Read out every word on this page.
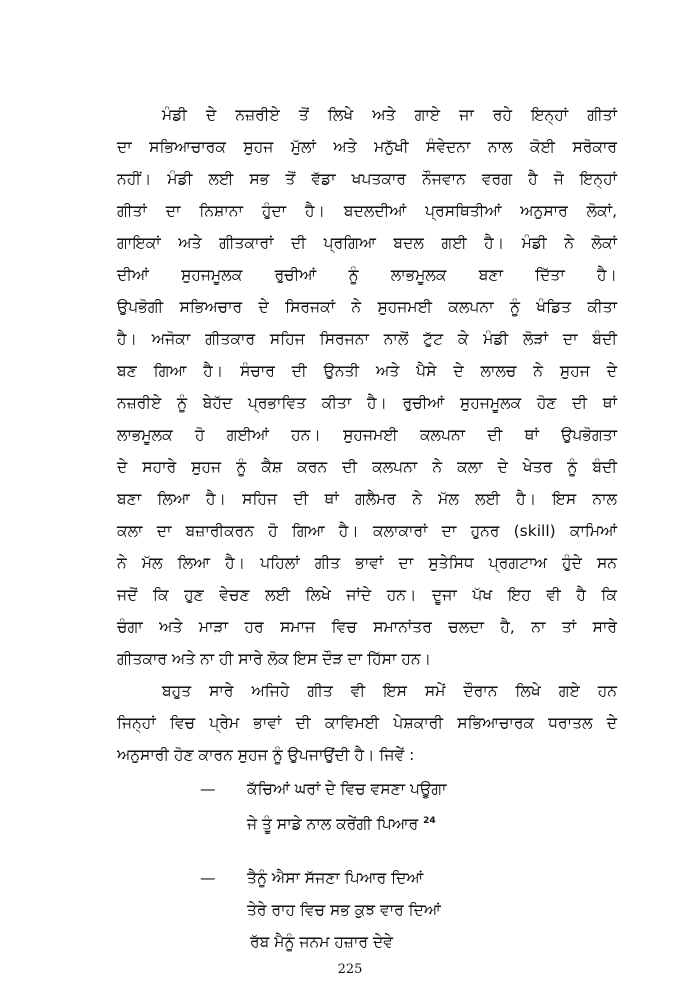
ਮੰਡੀ ਦੇ ਨਜ਼ਰੀਏ ਤੋਂ ਲਿਖੇ ਅਤੇ ਗਾਏ ਜਾ ਰਹੇ ਇਨ੍ਹਾਂ ਗੀਤਾਂ
ਦਾ ਸਭਿਆਚਾਰਕ ਸੁਹਜ ਮੁੱਲਾਂ ਅਤੇ ਮਨੁੱਖੀ ਸੰਵੇਦਨਾ ਨਾਲ ਕੋਈ ਸਰੋਕਾਰ
ਨਹੀਂ। ਮੰਡੀ ਲਈ ਸਭ ਤੋਂ ਵੱਡਾ ਖਪਤਕਾਰ ਨੌਜਵਾਨ ਵਰਗ ਹੈ ਜੋ ਇਨ੍ਹਾਂ
ਗੀਤਾਂ ਦਾ ਨਿਸ਼ਾਨਾ ਹੁੰਦਾ ਹੈ। ਬਦਲਦੀਆਂ ਪ੍ਰਸਥਿਤੀਆਂ ਅਨੁਸਾਰ ਲੋਕਾਂ,
ਗਾਇਕਾਂ ਅਤੇ ਗੀਤਕਾਰਾਂ ਦੀ ਪ੍ਰਗਿਆ ਬਦਲ ਗਈ ਹੈ। ਮੰਡੀ ਨੇ ਲੋਕਾਂ
ਦੀਆਂ ਸੁਹਜਮੂਲਕ ਰੁਚੀਆਂ ਨੂੰ ਲਾਭਮੂਲਕ ਬਣਾ ਦਿੱਤਾ ਹੈ।
ਉਪਭੋਗੀ ਸਭਿਅਚਾਰ ਦੇ ਸਿਰਜਕਾਂ ਨੇ ਸੁਹਜਮਈ ਕਲਪਨਾ ਨੂੰ ਖੰਡਿਤ ਕੀਤਾ
ਹੈ। ਅਜੋਕਾ ਗੀਤਕਾਰ ਸਹਿਜ ਸਿਰਜਨਾ ਨਾਲੋਂ ਟੁੱਟ ਕੇ ਮੰਡੀ ਲੋੜਾਂ ਦਾ ਬੰਦੀ
ਬਣ ਗਿਆ ਹੈ। ਸੰਚਾਰ ਦੀ ਉਨਤੀ ਅਤੇ ਪੈਸੇ ਦੇ ਲਾਲਚ ਨੇ ਸੁਹਜ ਦੇ
ਨਜ਼ਰੀਏ ਨੂੰ ਬੇਹੱਦ ਪ੍ਰਭਾਵਿਤ ਕੀਤਾ ਹੈ। ਰੁਚੀਆਂ ਸੁਹਜਮੂਲਕ ਹੋਣ ਦੀ ਥਾਂ
ਲਾਭਮੂਲਕ ਹੋ ਗਈਆਂ ਹਨ। ਸੁਹਜਮਈ ਕਲਪਨਾ ਦੀ ਥਾਂ ਉਪਭੋਗਤਾ
ਦੇ ਸਹਾਰੇ ਸੁਹਜ ਨੂੰ ਕੈਸ਼ ਕਰਨ ਦੀ ਕਲਪਨਾ ਨੇ ਕਲਾ ਦੇ ਖੇਤਰ ਨੂੰ ਬੰਦੀ
ਬਣਾ ਲਿਆ ਹੈ। ਸਹਿਜ ਦੀ ਥਾਂ ਗਲੈਮਰ ਨੇ ਮੱਲ ਲਈ ਹੈ। ਇਸ ਨਾਲ
ਕਲਾ ਦਾ ਬਜ਼ਾਰੀਕਰਨ ਹੋ ਗਿਆ ਹੈ। ਕਲਾਕਾਰਾਂ ਦਾ ਹੁਨਰ (skill) ਕਾਮਿਆਂ
ਨੇ ਮੱਲ ਲਿਆ ਹੈ। ਪਹਿਲਾਂ ਗੀਤ ਭਾਵਾਂ ਦਾ ਸੁਤੇਸਿਧ ਪ੍ਰਗਟਾਅ ਹੁੰਦੇ ਸਨ
ਜਦੋਂ ਕਿ ਹੁਣ ਵੇਚਣ ਲਈ ਲਿਖੇ ਜਾਂਦੇ ਹਨ। ਦੂਜਾ ਪੱਖ ਇਹ ਵੀ ਹੈ ਕਿ
ਚੰਗਾ ਅਤੇ ਮਾੜਾ ਹਰ ਸਮਾਜ ਵਿਚ ਸਮਾਨਾਂਤਰ ਚਲਦਾ ਹੈ, ਨਾ ਤਾਂ ਸਾਰੇ
ਗੀਤਕਾਰ ਅਤੇ ਨਾ ਹੀ ਸਾਰੇ ਲੋਕ ਇਸ ਦੌੜ ਦਾ ਹਿੱਸਾ ਹਨ।
ਬਹੁਤ ਸਾਰੇ ਅਜਿਹੇ ਗੀਤ ਵੀ ਇਸ ਸਮੇਂ ਦੌਰਾਨ ਲਿਖੇ ਗਏ ਹਨ
ਜਿਨ੍ਹਾਂ ਵਿਚ ਪ੍ਰੇਮ ਭਾਵਾਂ ਦੀ ਕਾਵਿਮਈ ਪੇਸ਼ਕਾਰੀ ਸਭਿਆਚਾਰਕ ਧਰਾਤਲ ਦੇ
ਅਨੁਸਾਰੀ ਹੋਣ ਕਾਰਨ ਸੁਹਜ ਨੂੰ ਉਪਜਾਉਂਦੀ ਹੈ। ਜਿਵੇਂ :
— ਕੱਚਿਆਂ ਘਰਾਂ ਦੇ ਵਿਚ ਵਸਣਾ ਪਊਗਾ
ਜੇ ਤੂੰ ਸਾਡੇ ਨਾਲ ਕਰੇਂਗੀ ਪਿਆਰ $^{24}$
— ਤੈਨੂੰ ਐਸਾ ਸੱਜਣਾ ਪਿਆਰ ਦਿਆਂ
ਤੇਰੇ ਰਾਹ ਵਿਚ ਸਭ ਕੁਝ ਵਾਰ ਦਿਆਂ
ਰੱਬ ਮੈਨੂੰ ਜਨਮ ਹਜ਼ਾਰ ਦੇਵੇ
225
